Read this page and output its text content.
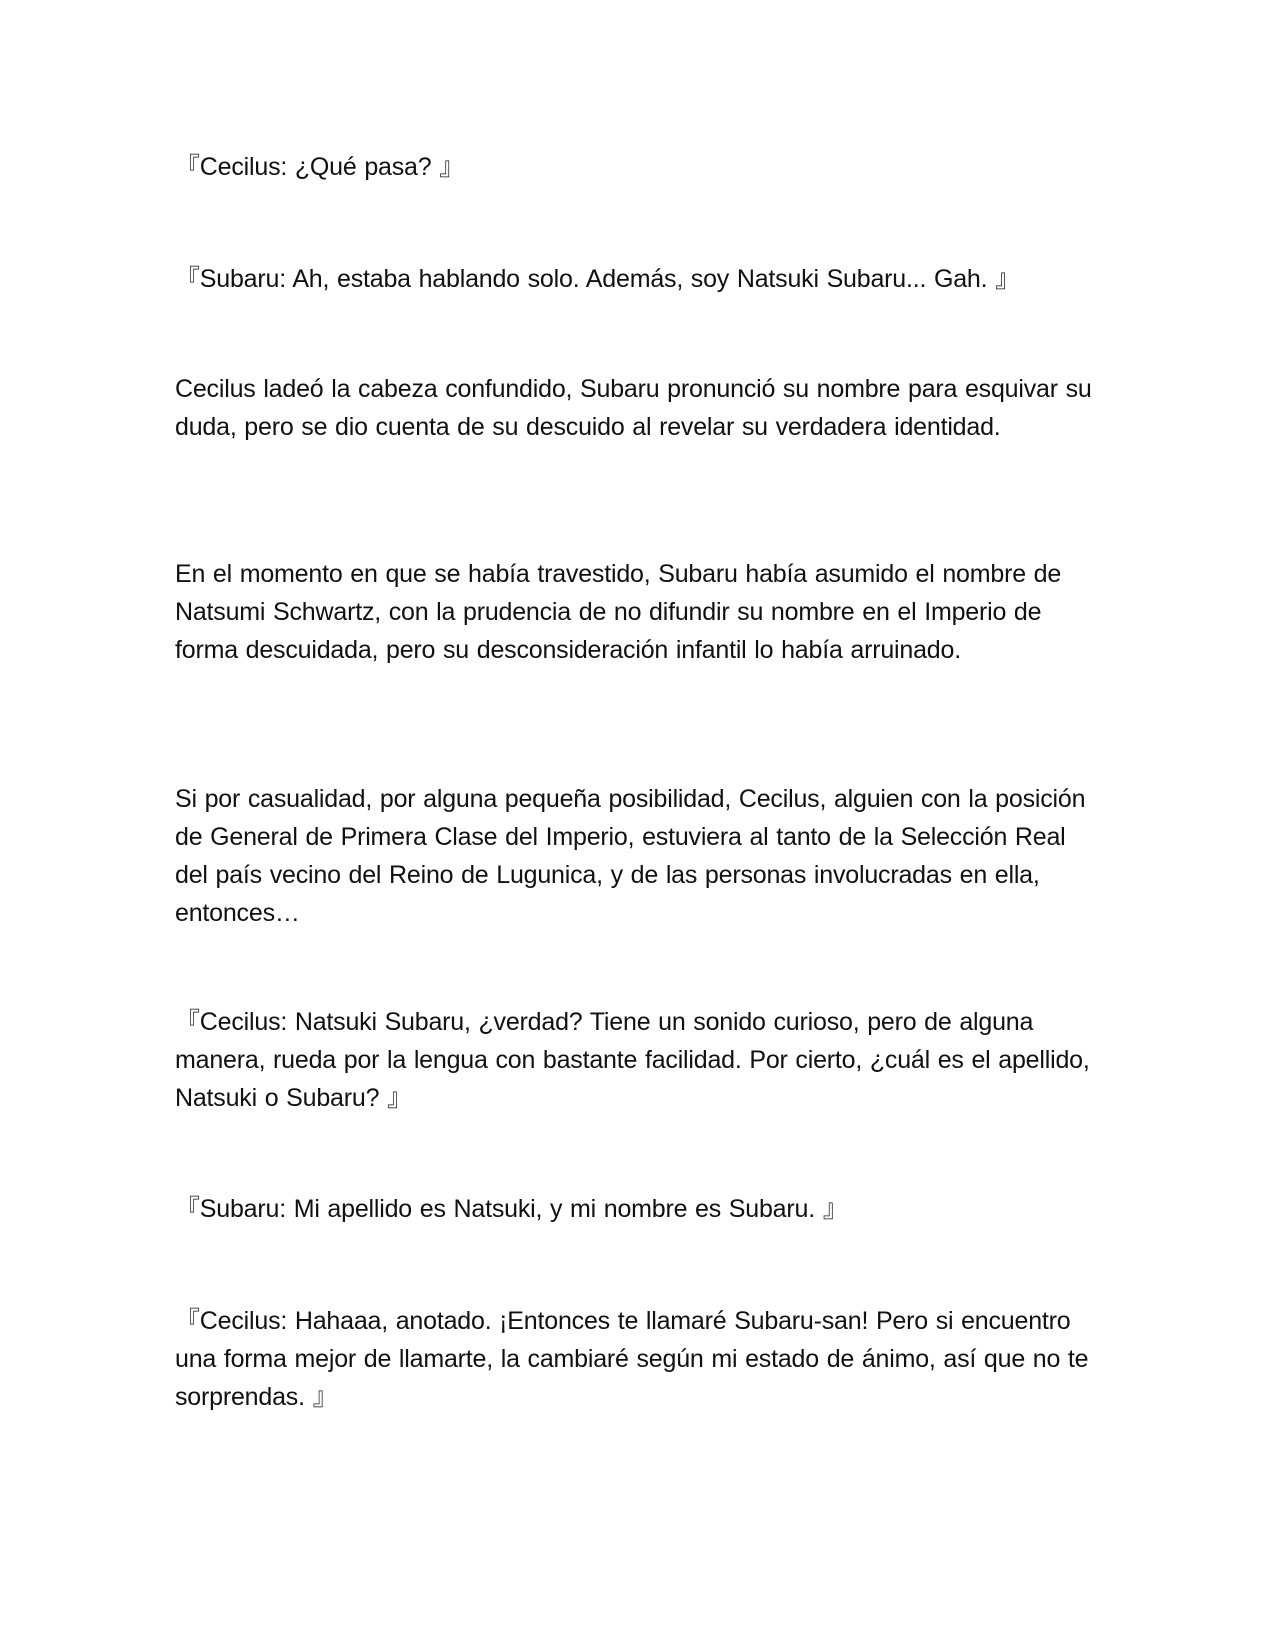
『Cecilus: ¿Qué pasa? 』

『Subaru: Ah, estaba hablando solo. Además, soy Natsuki Subaru... Gah. 』

Cecilus ladeó la cabeza confundido, Subaru pronunció su nombre para esquivar su duda, pero se dio cuenta de su descuido al revelar su verdadera identidad.

En el momento en que se había travestido, Subaru había asumido el nombre de Natsumi Schwartz, con la prudencia de no difundir su nombre en el Imperio de forma descuidada, pero su desconsideración infantil lo había arruinado.

Si por casualidad, por alguna pequeña posibilidad, Cecilus, alguien con la posición de General de Primera Clase del Imperio, estuviera al tanto de la Selección Real del país vecino del Reino de Lugunica, y de las personas involucradas en ella, entonces…

『Cecilus: Natsuki Subaru, ¿verdad? Tiene un sonido curioso, pero de alguna manera, rueda por la lengua con bastante facilidad. Por cierto, ¿cuál es el apellido, Natsuki o Subaru? 』

『Subaru: Mi apellido es Natsuki, y mi nombre es Subaru. 』

『Cecilus: Hahaaa, anotado. ¡Entonces te llamaré Subaru-san! Pero si encuentro una forma mejor de llamarte, la cambiaré según mi estado de ánimo, así que no te sorprendas. 』
